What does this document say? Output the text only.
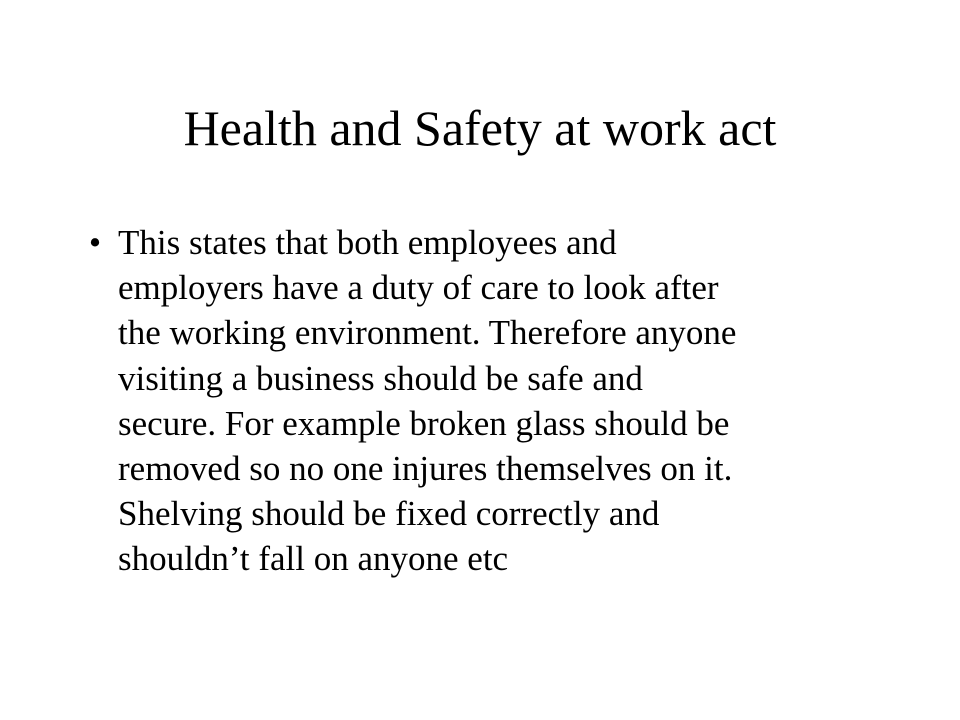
Health and Safety at work act
• This states that both employees and
employers have a duty of care to look after
the working environment. Therefore anyone
visiting a business should be safe and
secure. For example broken glass should be
removed so no one injures themselves on it.
Shelving should be fixed correctly and
shouldn’t fall on anyone etc
